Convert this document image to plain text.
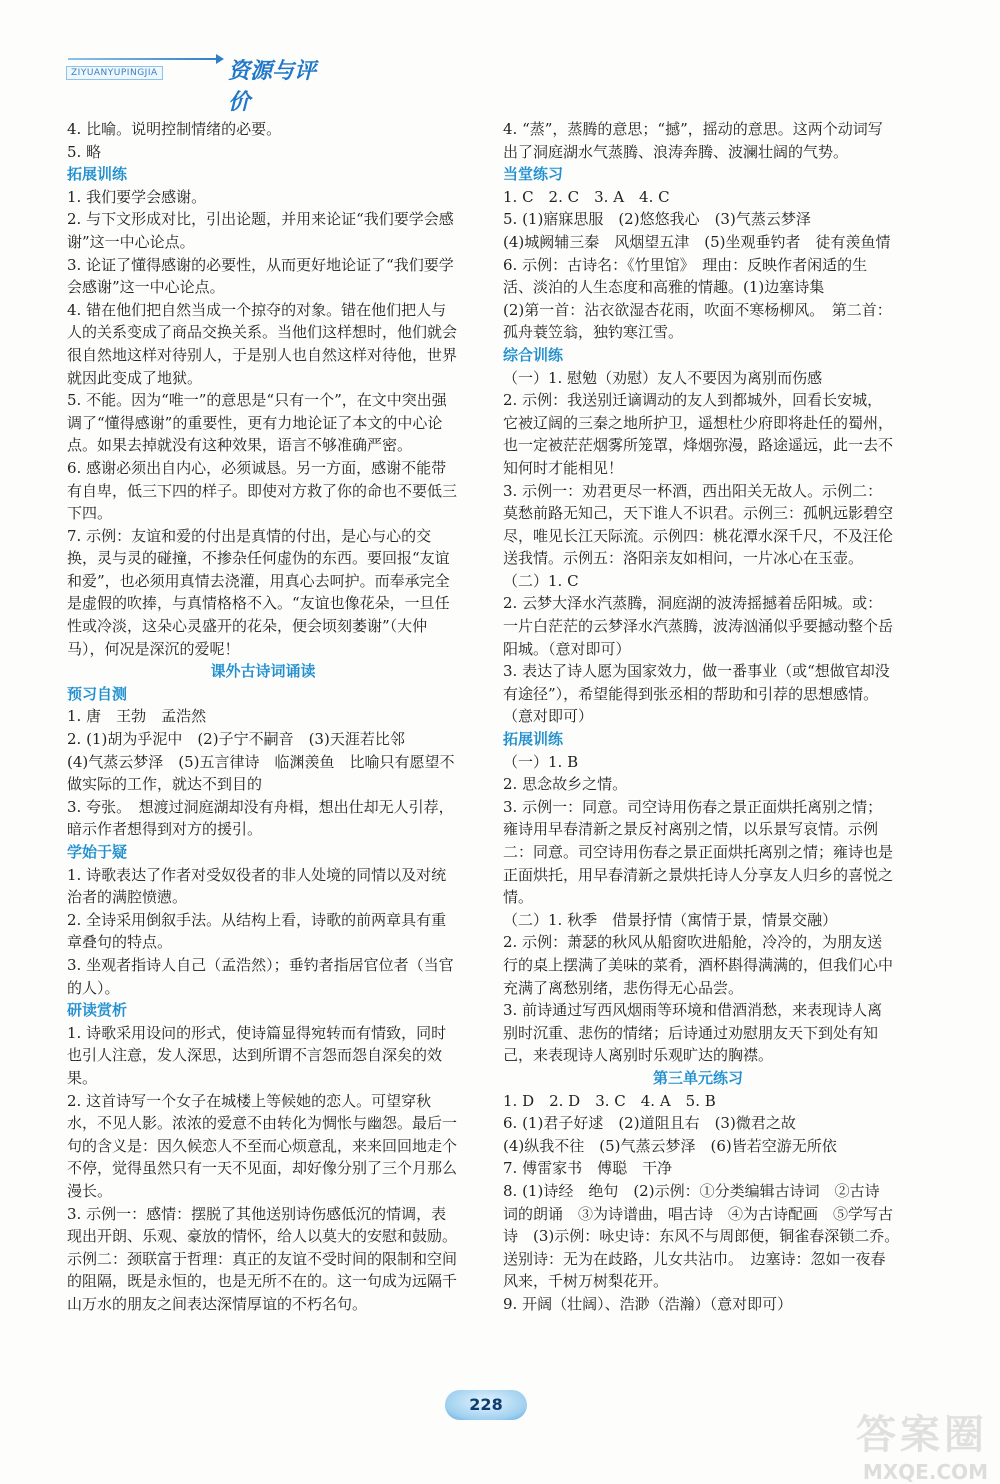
ZIYUANYUPINGJIA	资源与评价
4. 比喻。说明控制情绪的必要。
5. 略
拓展训练
1. 我们要学会感谢。
2. 与下文形成对比，引出论题，并用来论证“我们要学会感谢”这一中心论点。
3. 论证了懂得感谢的必要性，从而更好地论证了“我们要学会感谢”这一中心论点。
4. 错在他们把自然当成一个掠夺的对象。错在他们把人与人的关系变成了商品交换关系。当他们这样想时，他们就会很自然地这样对待别人，于是别人也自然这样对待他，世界就因此变成了地狱。
5. 不能。因为“唯一”的意思是“只有一个”，在文中突出强调了“懂得感谢”的重要性，更有力地论证了本文的中心论点。如果去掉就没有这种效果，语言不够准确严密。
6. 感谢必须出自内心，必须诚恳。另一方面，感谢不能带有自卑，低三下四的样子。即使对方救了你的命也不要低三下四。
7. 示例：友谊和爱的付出是真情的付出，是心与心的交换，灵与灵的碰撞，不掺杂任何虚伪的东西。要回报“友谊和爱”，也必须用真情去浇灌，用真心去呵护。而奉承完全是虚假的吹捧，与真情格格不入。“友谊也像花朵，一旦任性或冷淡，这朵心灵盛开的花朵，便会顷刻萎谢”（大仲马），何况是深沉的爱呢！
课外古诗词诵读
预习自测
1. 唐　王勃　孟浩然
2. (1)胡为乎泥中　(2)子宁不嗣音　(3)天涯若比邻
(4)气蒸云梦泽　(5)五言律诗　临渊羡鱼　比喻只有愿望不做实际的工作，就达不到目的
3. 夸张。　想渡过洞庭湖却没有舟楫，想出仕却无人引荐，暗示作者想得到对方的援引。
学始于疑
1. 诗歌表达了作者对受奴役者的非人处境的同情以及对统治者的满腔愤懑。
2. 全诗采用倒叙手法。从结构上看，诗歌的前两章具有重章叠句的特点。
3. 坐观者指诗人自己（孟浩然）；垂钓者指居官位者（当官的人）。
研读赏析
1. 诗歌采用设问的形式，使诗篇显得宛转而有情致，同时也引人注意，发人深思，达到所谓不言怨而怨自深矣的效果。
2. 这首诗写一个女子在城楼上等候她的恋人。可望穿秋水，不见人影。浓浓的爱意不由转化为惆怅与幽怨。最后一句的含义是：因久候恋人不至而心烦意乱，来来回回地走个不停，觉得虽然只有一天不见面，却好像分别了三个月那么漫长。
3. 示例一：感情：摆脱了其他送别诗伤感低沉的情调，表现出开朗、乐观、豪放的情怀，给人以莫大的安慰和鼓励。示例二：颈联富于哲理：真正的友谊不受时间的限制和空间的阻隔，既是永恒的，也是无所不在的。这一句成为远隔千山万水的朋友之间表达深情厚谊的不朽名句。
4. “蒸”，蒸腾的意思；“撼”，摇动的意思。这两个动词写出了洞庭湖水气蒸腾、浪涛奔腾、波澜壮阔的气势。
当堂练习
1. C　2. C　3. A　4. C
5. (1)寤寐思服　(2)悠悠我心　(3)气蒸云梦泽
(4)城阙辅三秦　风烟望五津　(5)坐观垂钓者　徒有羡鱼情
6. 示例：古诗名：《竹里馆》　理由：反映作者闲适的生活、淡泊的人生态度和高雅的情趣。(1)边塞诗集
(2)第一首：沾衣欲湿杏花雨，吹面不寒杨柳风。　第二首：孤舟蓑笠翁，独钓寒江雪。
综合训练
（一）1. 慰勉（劝慰）友人不要因为离别而伤感
2. 示例：我送别迁谪调动的友人到都城外，回看长安城，它被辽阔的三秦之地所护卫，遥想杜少府即将赴任的蜀州，也一定被茫茫烟雾所笼罩，烽烟弥漫，路途遥远，此一去不知何时才能相见！
3. 示例一：劝君更尽一杯酒，西出阳关无故人。示例二：莫愁前路无知己，天下谁人不识君。示例三：孤帆远影碧空尽，唯见长江天际流。示例四：桃花潭水深千尺，不及汪伦送我情。示例五：洛阳亲友如相问，一片冰心在玉壶。
（二）1. C
2. 云梦大泽水汽蒸腾，洞庭湖的波涛摇撼着岳阳城。或：一片白茫茫的云梦泽水汽蒸腾，波涛汹涌似乎要撼动整个岳阳城。（意对即可）
3. 表达了诗人愿为国家效力，做一番事业（或“想做官却没有途径”），希望能得到张丞相的帮助和引荐的思想感情。（意对即可）
拓展训练
（一）1. B
2. 思念故乡之情。
3. 示例一：同意。司空诗用伤春之景正面烘托离别之情；雍诗用早春清新之景反衬离别之情，以乐景写哀情。示例二：同意。司空诗用伤春之景正面烘托离别之情；雍诗也是正面烘托，用早春清新之景烘托诗人分享友人归乡的喜悦之情。
（二）1. 秋季　借景抒情（寓情于景，情景交融）
2. 示例：萧瑟的秋风从船窗吹进船舱，冷冷的，为朋友送行的桌上摆满了美味的菜肴，酒杯斟得满满的，但我们心中充满了离愁别绪，悲伤得无心品尝。
3. 前诗通过写西风烟雨等环境和借酒消愁，来表现诗人离别时沉重、悲伤的情绪；后诗通过劝慰朋友天下到处有知己，来表现诗人离别时乐观旷达的胸襟。
第三单元练习
1. D　2. D　3. C　4. A　5. B
6. (1)君子好逑　(2)道阻且右　(3)微君之故
(4)纵我不往　(5)气蒸云梦泽　(6)皆若空游无所依
7. 傅雷家书　傅聪　干净
8. (1)诗经　绝句　(2)示例：①分类编辑古诗词　②古诗词的朗诵　③为诗谱曲，唱古诗　④为古诗配画　⑤学写古诗　(3)示例：咏史诗：东风不与周郎便，铜雀春深锁二乔。　送别诗：无为在歧路，儿女共沾巾。　边塞诗：忽如一夜春风来，千树万树梨花开。
9. 开阔（壮阔）、浩渺（浩瀚）（意对即可）
228
答案圈
MXQE.COM
